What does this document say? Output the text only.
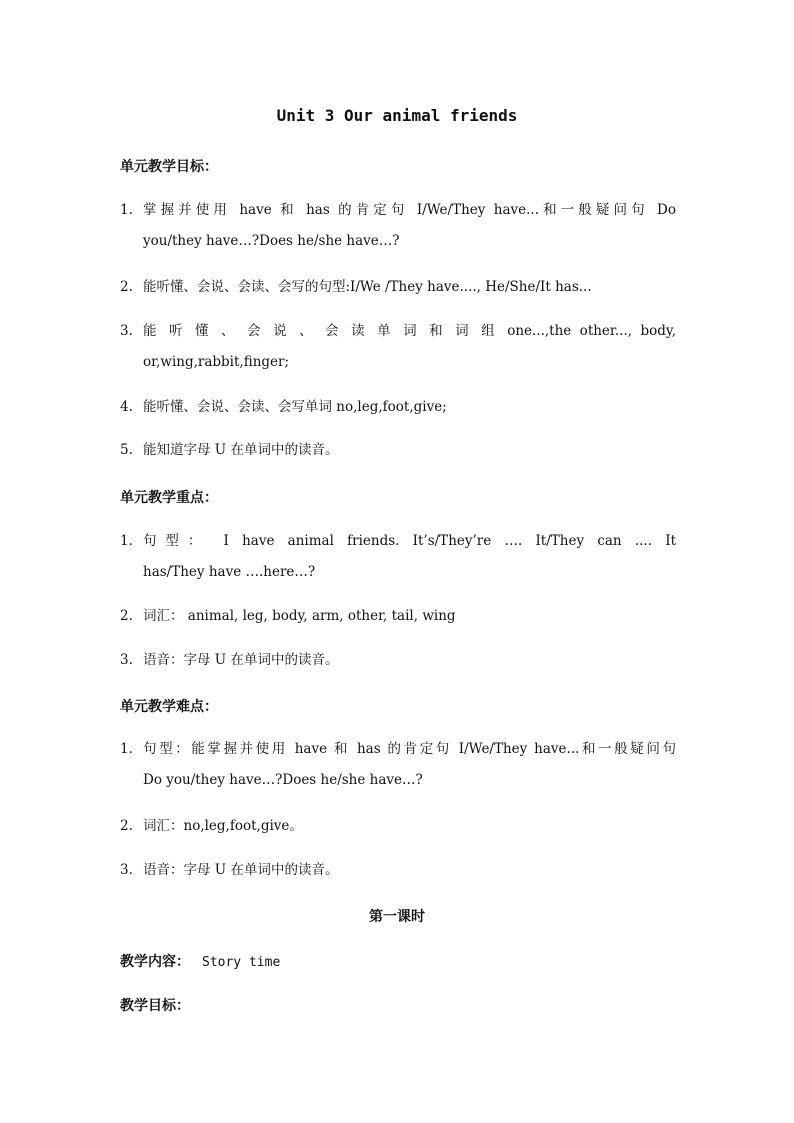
Unit 3 Our animal friends
单元教学目标：
1. 掌握并使用 have 和 has 的肯定句 I/We/They have...和一般疑问句 Do
you/they have…?Does he/she have…?
2. 能听懂、会说、会读、会写的句型:I/We /They have...., He/She/It has...
3. 能 听 懂 、 会 说 、 会 读 单 词 和 词 组 one...,the other..., body,
or,wing,rabbit,finger;
4. 能听懂、会说、会读、会写单词 no,leg,foot,give;
5. 能知道字母 U 在单词中的读音。
单元教学重点：
1. 句型： I have animal friends. It’s/They’re …. It/They can .... It
has/They have ….here…?
2. 词汇： animal, leg, body, arm, other, tail, wing
3. 语音：字母 U 在单词中的读音。
单元教学难点：
1. 句型：能掌握并使用 have 和 has 的肯定句 I/We/They have...和一般疑问句
Do you/they have…?Does he/she have…?
2. 词汇：no,leg,foot,give。
3. 语音：字母 U 在单词中的读音。
第一课时
教学内容： Story time
教学目标：
